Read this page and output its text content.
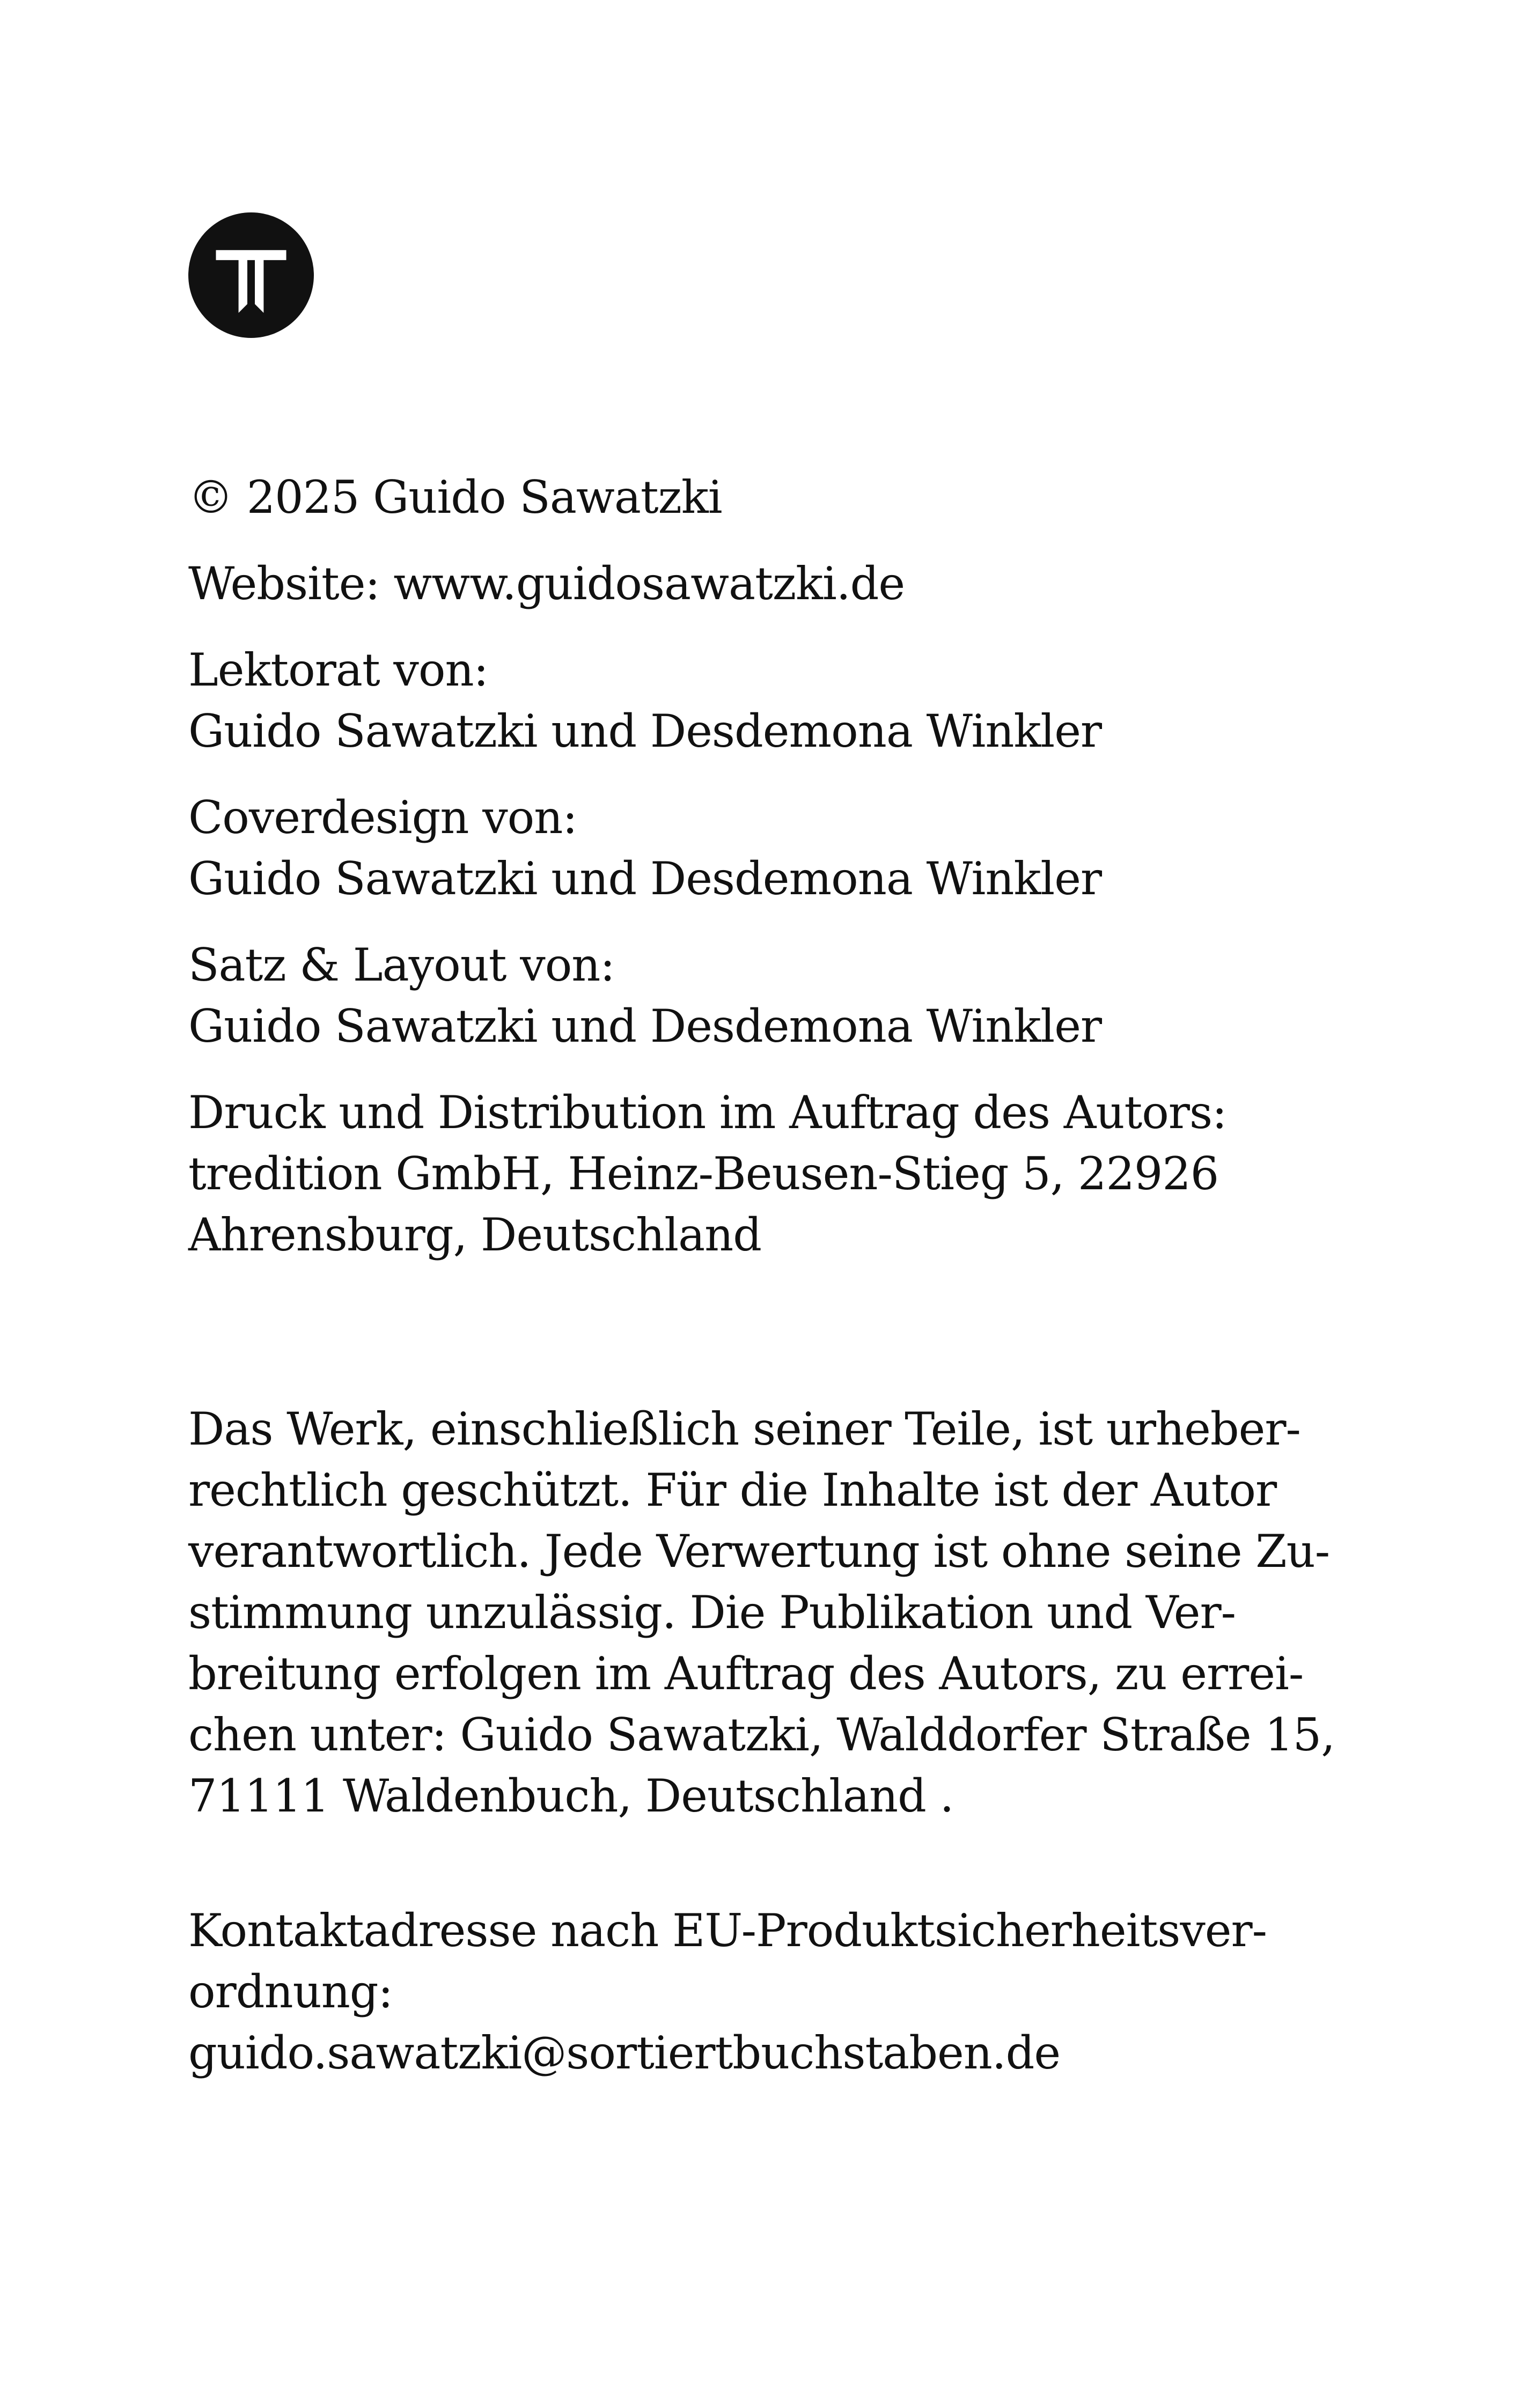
© 2025 Guido Sawatzki

Website: www.guidosawatzki.de

Lektorat von:
Guido Sawatzki und Desdemona Winkler

Coverdesign von:
Guido Sawatzki und Desdemona Winkler

Satz & Layout von:
Guido Sawatzki und Desdemona Winkler

Druck und Distribution im Auftrag des Autors:
tredition GmbH, Heinz-Beusen-Stieg 5, 22926
Ahrensburg, Deutschland

Das Werk, einschließlich seiner Teile, ist urheber-
rechtlich geschützt. Für die Inhalte ist der Autor
verantwortlich. Jede Verwertung ist ohne seine Zu-
stimmung unzulässig. Die Publikation und Ver-
breitung erfolgen im Auftrag des Autors, zu errei-
chen unter: Guido Sawatzki, Walddorfer Straße 15,
71111 Waldenbuch, Deutschland .

Kontaktadresse nach EU-Produktsicherheitsver-
ordnung:
guido.sawatzki@sortiertbuchstaben.de
